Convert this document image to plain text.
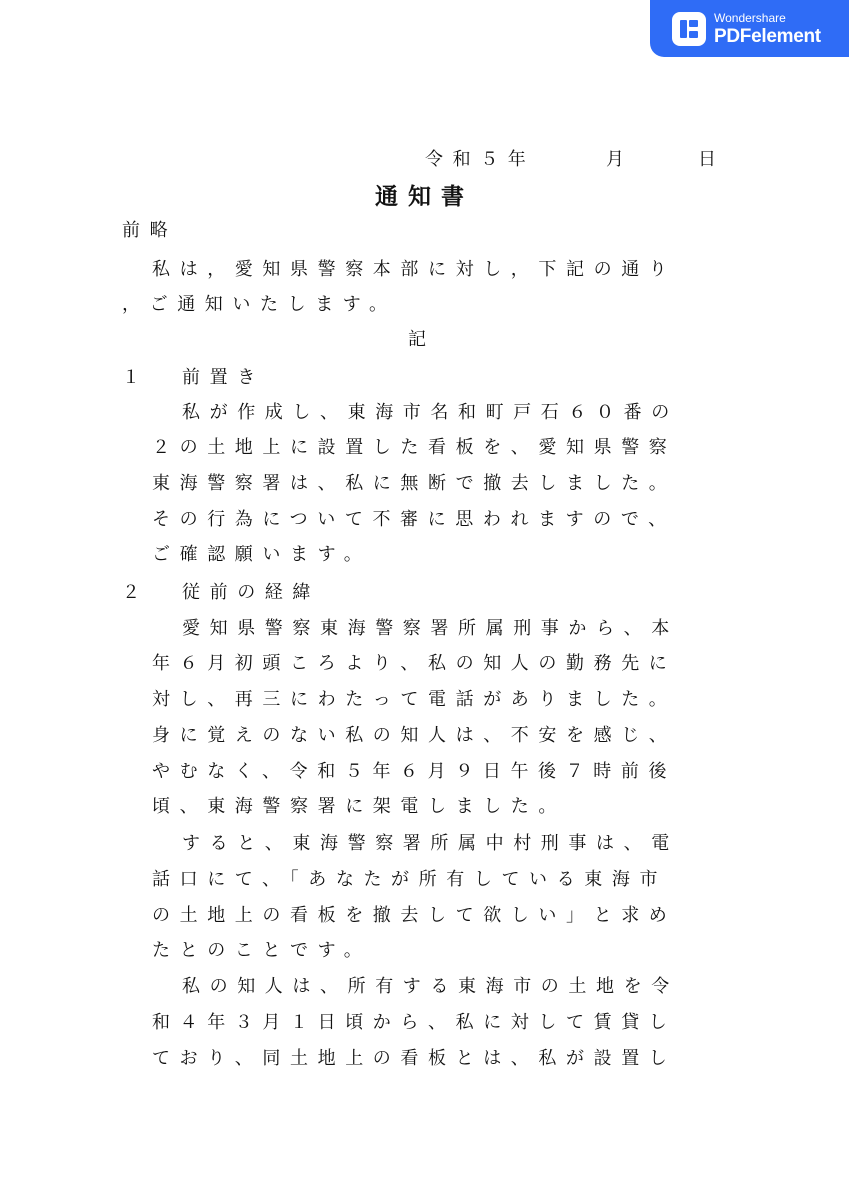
Wondershare
PDFelement
令和５年	月	日
通知書
前略
私は，愛知県警察本部に対し，下記の通り
，ご通知いたします。
記
１ 前置き
私が作成し、東海市名和町戸石６０番の
２の土地上に設置した看板を、愛知県警察
東海警察署は、私に無断で撤去しました。
その行為について不審に思われますので、
ご確認願います。
２ 従前の経緯
愛知県警察東海警察署所属刑事から、本
年６月初頭ころより、私の知人の勤務先に
対し、再三にわたって電話がありました。
身に覚えのない私の知人は、不安を感じ、
やむなく、令和５年６月９日午後７時前後
頃、東海警察署に架電しました。
すると、東海警察署所属中村刑事は、電
話口にて、「あなたが所有している東海市
の土地上の看板を撤去して欲しい」と求め
たとのことです。
私の知人は、所有する東海市の土地を令
和４年３月１日頃から、私に対して賃貸し
ており、同土地上の看板とは、私が設置し
